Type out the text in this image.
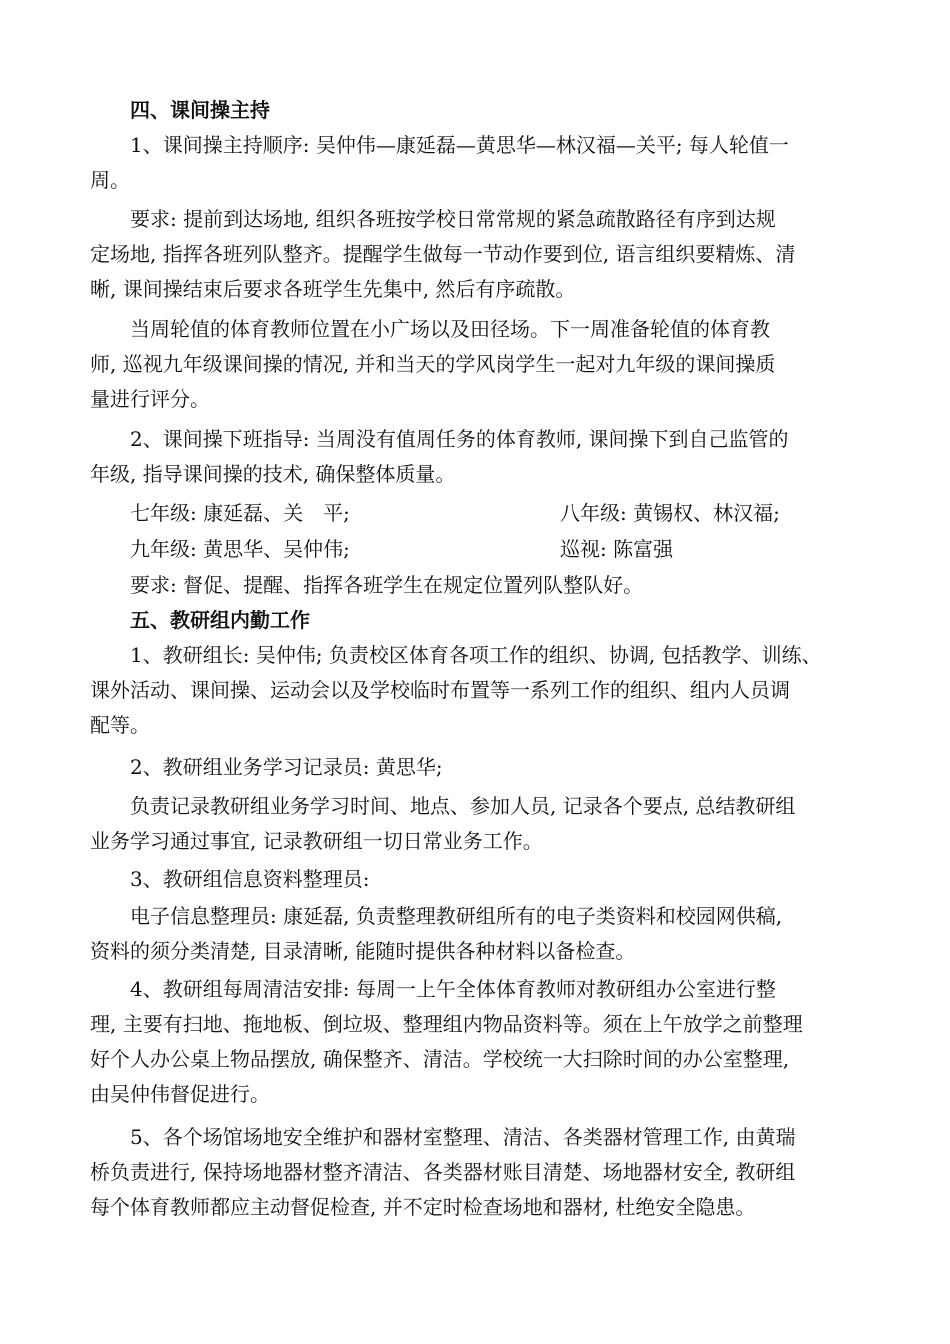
四、课间操主持
1、课间操主持顺序: 吴仲伟—康延磊—黄思华—林汉福—关平; 每人轮值一
周。
要求: 提前到达场地, 组织各班按学校日常常规的紧急疏散路径有序到达规
定场地, 指挥各班列队整齐。提醒学生做每一节动作要到位, 语言组织要精炼、清
晰, 课间操结束后要求各班学生先集中, 然后有序疏散。
当周轮值的体育教师位置在小广场以及田径场。下一周准备轮值的体育教
师, 巡视九年级课间操的情况, 并和当天的学风岗学生一起对九年级的课间操质
量进行评分。
2、课间操下班指导: 当周没有值周任务的体育教师, 课间操下到自己监管的
年级, 指导课间操的技术, 确保整体质量。
七年级: 康延磊、关　平;	八年级: 黄锡权、林汉福;
九年级: 黄思华、吴仲伟;	巡视: 陈富强
要求: 督促、提醒、指挥各班学生在规定位置列队整队好。
五、教研组内勤工作
1、教研组长: 吴仲伟; 负责校区体育各项工作的组织、协调, 包括教学、训练、
课外活动、课间操、运动会以及学校临时布置等一系列工作的组织、组内人员调
配等。
2、教研组业务学习记录员: 黄思华;
负责记录教研组业务学习时间、地点、参加人员, 记录各个要点, 总结教研组
业务学习通过事宜, 记录教研组一切日常业务工作。
3、教研组信息资料整理员:
电子信息整理员: 康延磊, 负责整理教研组所有的电子类资料和校园网供稿,
资料的须分类清楚, 目录清晰, 能随时提供各种材料以备检查。
4、教研组每周清洁安排: 每周一上午全体体育教师对教研组办公室进行整
理, 主要有扫地、拖地板、倒垃圾、整理组内物品资料等。须在上午放学之前整理
好个人办公桌上物品摆放, 确保整齐、清洁。学校统一大扫除时间的办公室整理,
由吴仲伟督促进行。
5、各个场馆场地安全维护和器材室整理、清洁、各类器材管理工作, 由黄瑞
桥负责进行, 保持场地器材整齐清洁、各类器材账目清楚、场地器材安全, 教研组
每个体育教师都应主动督促检查, 并不定时检查场地和器材, 杜绝安全隐患。
